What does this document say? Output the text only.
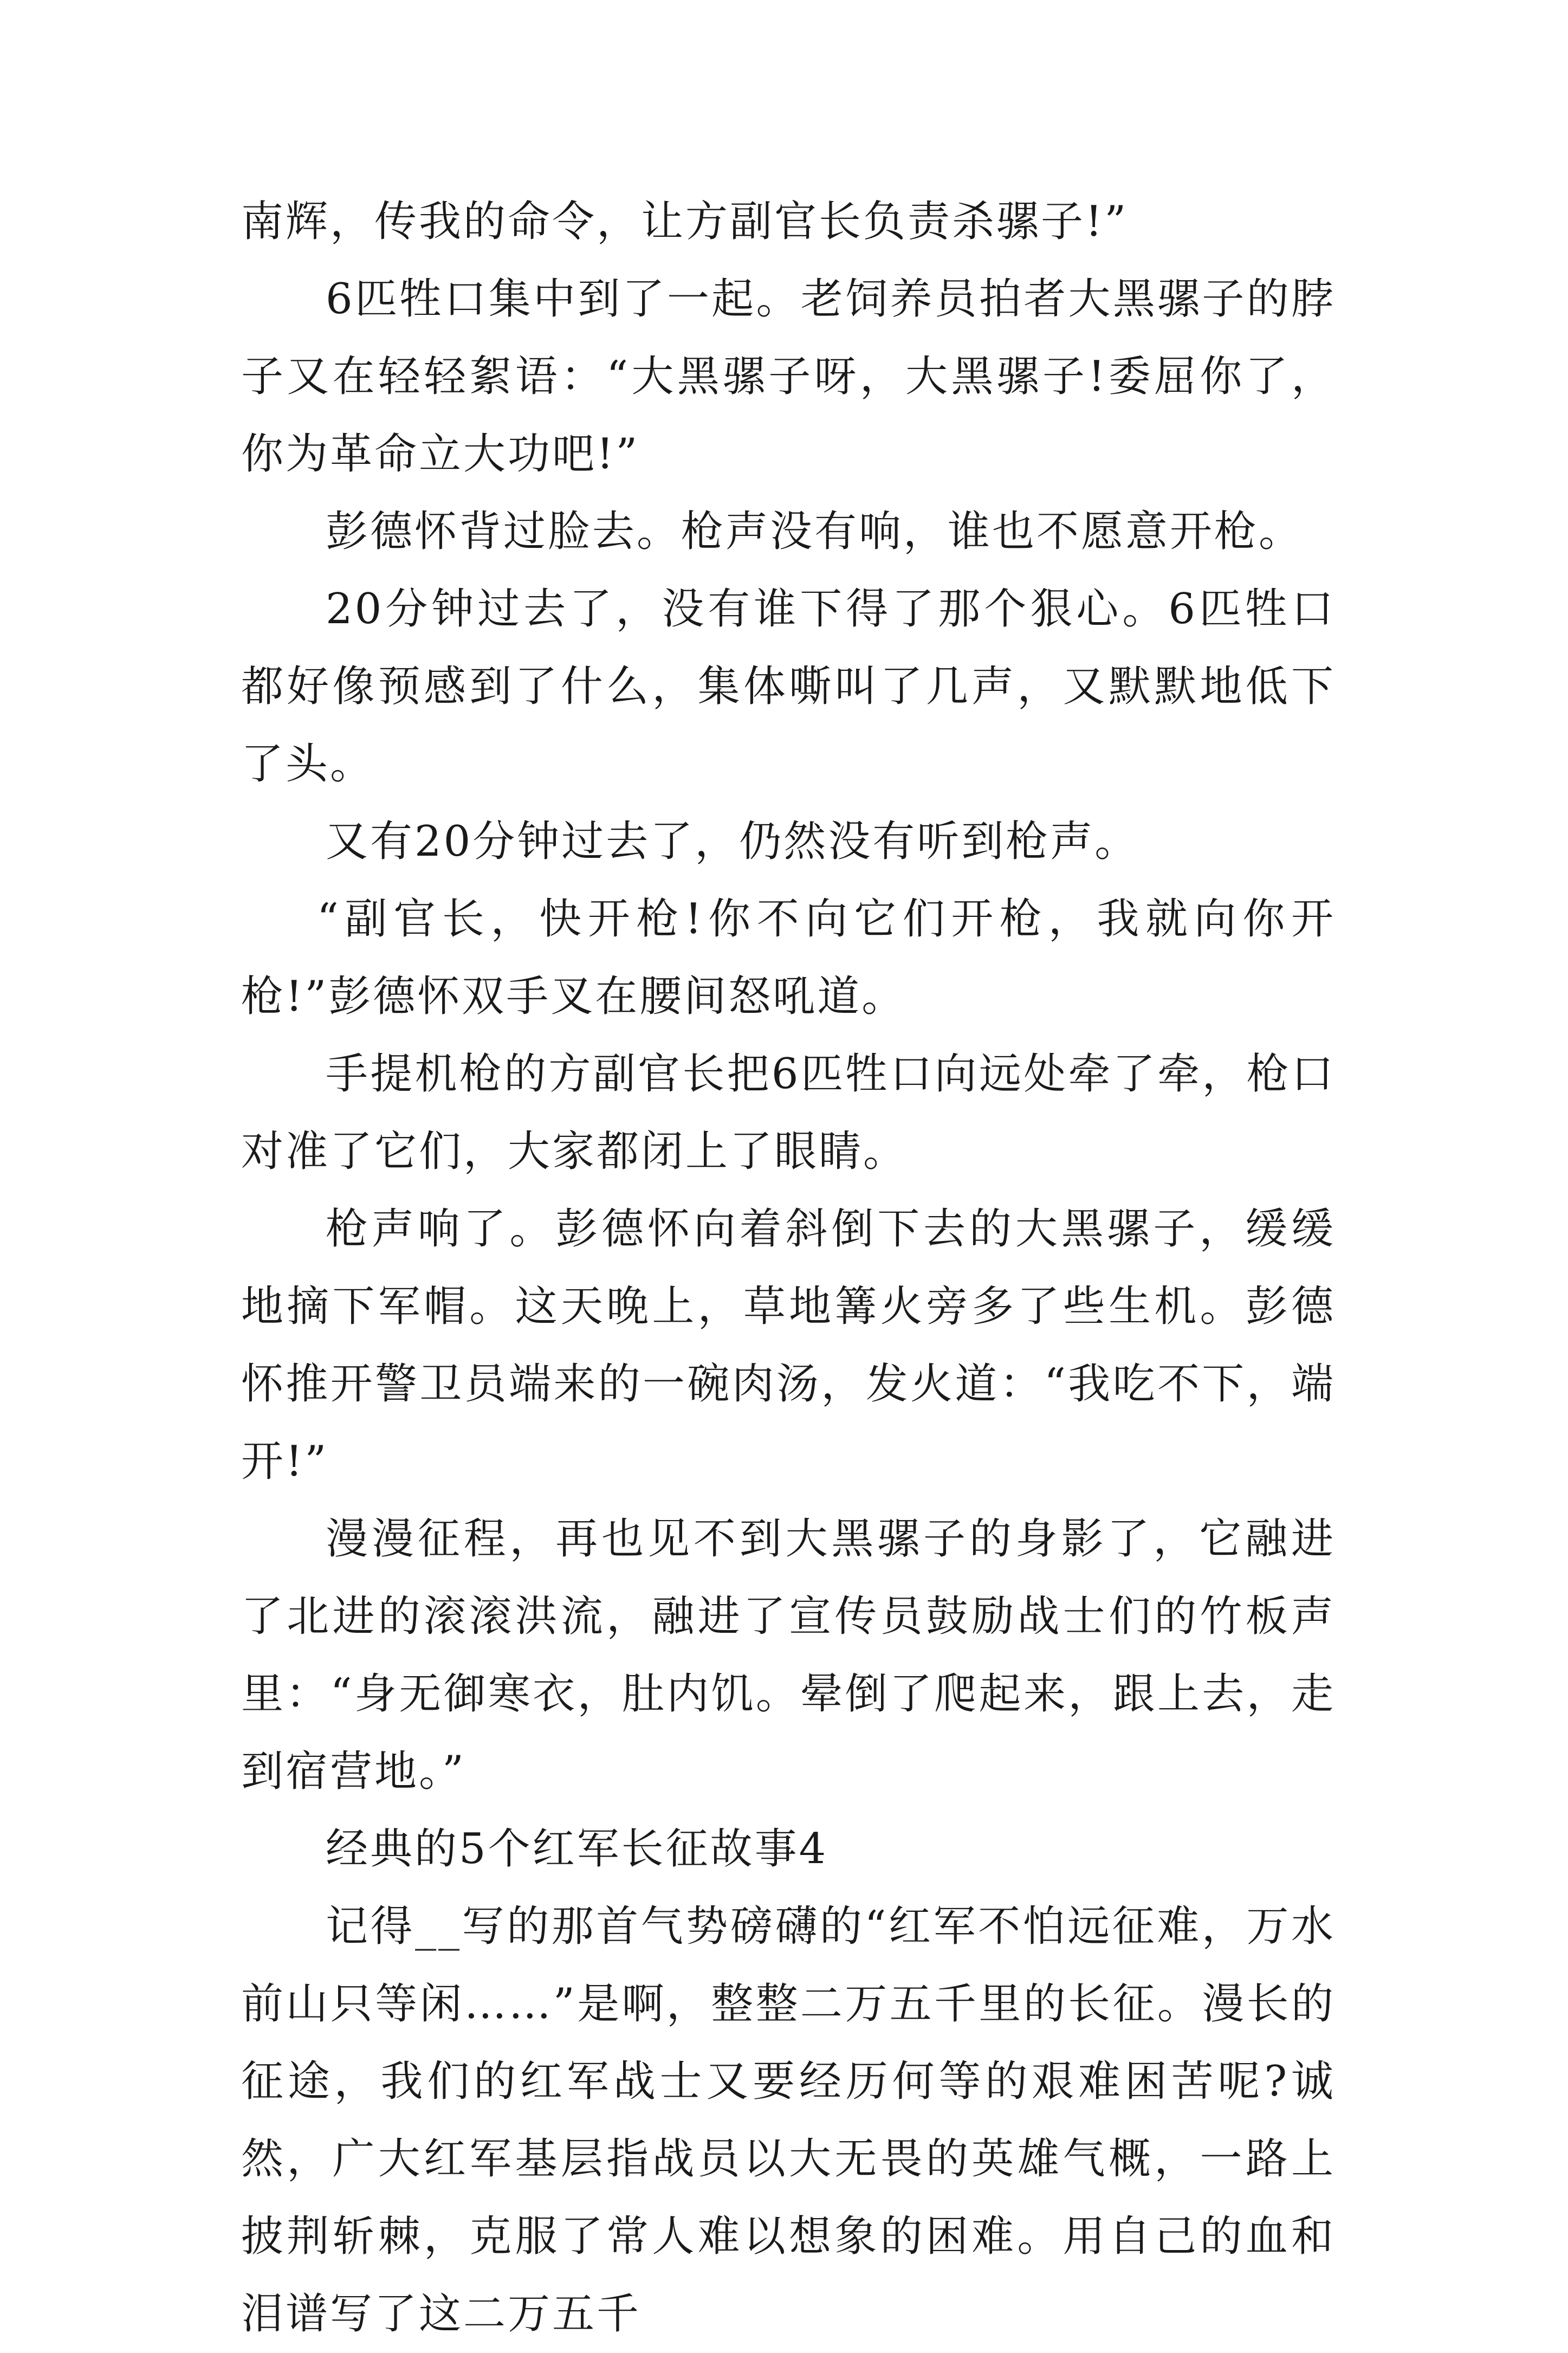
南辉，传我的命令，让方副官长负责杀骡子!”

6匹牲口集中到了一起。老饲养员拍者大黑骡子的脖子又在轻轻絮语：“大黑骡子呀，大黑骡子!委屈你了，你为革命立大功吧!”

彭德怀背过脸去。枪声没有响，谁也不愿意开枪。

20分钟过去了，没有谁下得了那个狠心。6匹牲口都好像预感到了什么，集体嘶叫了几声，又默默地低下了头。

又有20分钟过去了，仍然没有听到枪声。

“副官长，快开枪!你不向它们开枪，我就向你开枪!”彭德怀双手叉在腰间怒吼道。

手提机枪的方副官长把6匹牲口向远处牵了牵，枪口对准了它们，大家都闭上了眼睛。

枪声响了。彭德怀向着斜倒下去的大黑骡子，缓缓地摘下军帽。这天晚上，草地篝火旁多了些生机。彭德怀推开警卫员端来的一碗肉汤，发火道：“我吃不下，端开!”

漫漫征程，再也见不到大黑骡子的身影了，它融进了北进的滚滚洪流，融进了宣传员鼓励战士们的竹板声里：“身无御寒衣，肚内饥。晕倒了爬起来，跟上去，走到宿营地。”

经典的5个红军长征故事4

记得__写的那首气势磅礴的“红军不怕远征难，万水前山只等闲……”是啊，整整二万五千里的长征。漫长的征途，我们的红军战士又要经历何等的艰难困苦呢?诚然，广大红军基层指战员以大无畏的英雄气概，一路上披荆斩棘，克服了常人难以想象的困难。用自己的血和泪谱写了这二万五千
